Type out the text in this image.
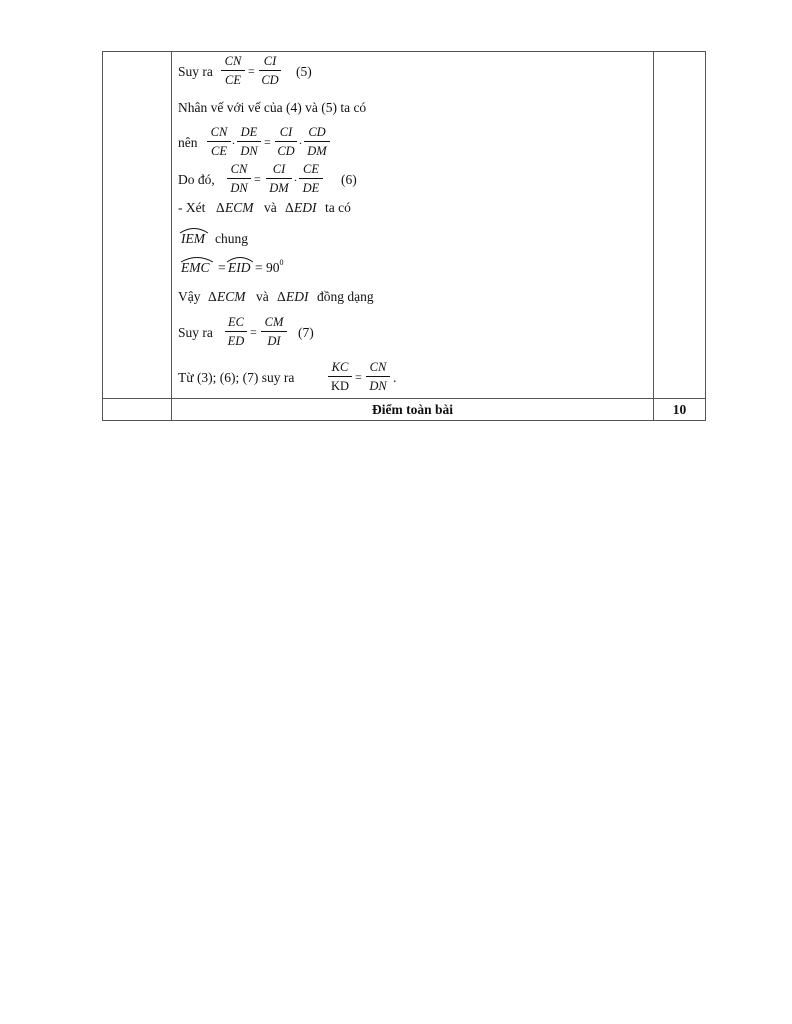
Suy ra
CN
CE
=
CI
CD
(5)
Nhân vế với vế của (4) và (5) ta có
nên
CN
CE
.
DE
DN
=
CI
CD
.
CD
DM
Do đó,
CN
DN
=
CI
DM
.
CE
DE
(6)
- Xét Δ ECM và Δ EDI ta có
IEM chung
EMC = EID = $90^0$
Vậy Δ ECM và Δ EDI đồng dạng
Suy ra
EC
ED
=
CM
DI
(7)
Từ (3); (6); (7) suy ra
KC
KD
=
CN
DN
.
Điểm toàn bài	10
